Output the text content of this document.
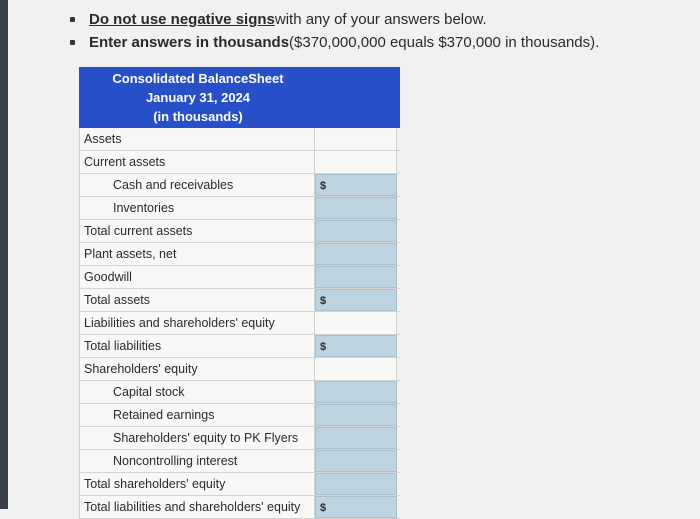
Do not use negative signs with any of your answers below.
Enter answers in thousands ($370,000,000 equals $370,000 in thousands).
Consolidated BalanceSheet
January 31, 2024
(in thousands)
Assets
Current assets
Cash and receivables	$
Inventories
Total current assets
Plant assets, net
Goodwill
Total assets	$
Liabilities and shareholders' equity
Total liabilities	$
Shareholders' equity
Capital stock
Retained earnings
Shareholders' equity to PK Flyers
Noncontrolling interest
Total shareholders' equity
Total liabilities and shareholders' equity	$
